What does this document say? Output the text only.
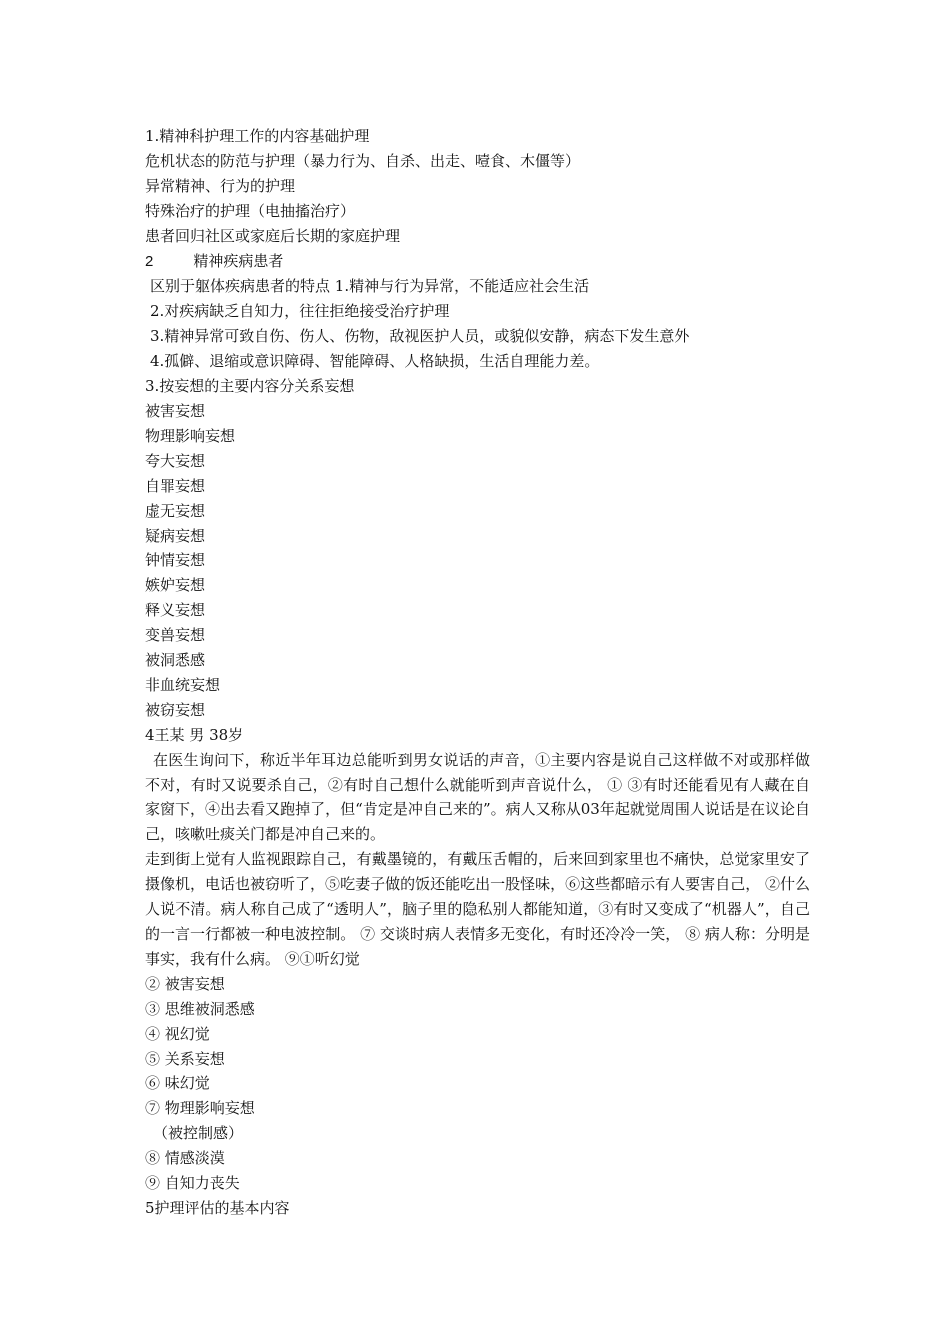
1.精神科护理工作的内容基础护理
危机状态的防范与护理（暴力行为、自杀、出走、噎食、木僵等）
异常精神、行为的护理
特殊治疗的护理（电抽搐治疗）
患者回归社区或家庭后长期的家庭护理
2	精神疾病患者
区别于躯体疾病患者的特点 1.精神与行为异常，不能适应社会生活
2.对疾病缺乏自知力，往往拒绝接受治疗护理
3.精神异常可致自伤、伤人、伤物，敌视医护人员，或貌似安静，病态下发生意外
4.孤僻、退缩或意识障碍、智能障碍、人格缺损，生活自理能力差。
3.按妄想的主要内容分关系妄想
被害妄想
物理影响妄想
夸大妄想
自罪妄想
虚无妄想
疑病妄想
钟情妄想
嫉妒妄想
释义妄想
变兽妄想
被洞悉感
非血统妄想
被窃妄想
4王某 男 38岁
在医生询问下，称近半年耳边总能听到男女说话的声音，①主要内容是说自己这样做不对或那样做不对，有时又说要杀自己，②有时自己想什么就能听到声音说什么， ① ③有时还能看见有人藏在自家窗下，④出去看又跑掉了，但“肯定是冲自己来的”。病人又称从03年起就觉周围人说话是在议论自己，咳嗽吐痰关门都是冲自己来的。
走到街上觉有人监视跟踪自己，有戴墨镜的，有戴压舌帽的，后来回到家里也不痛快，总觉家里安了摄像机，电话也被窃听了，⑤吃妻子做的饭还能吃出一股怪味，⑥这些都暗示有人要害自己， ②什么人说不清。病人称自己成了“透明人”，脑子里的隐私别人都能知道，③有时又变成了“机器人”，自己的一言一行都被一种电波控制。 ⑦ 交谈时病人表情多无变化，有时还冷冷一笑， ⑧ 病人称：分明是事实，我有什么病。 ⑨①听幻觉
② 被害妄想
③ 思维被洞悉感
④ 视幻觉
⑤ 关系妄想
⑥ 味幻觉
⑦ 物理影响妄想
（被控制感）
⑧ 情感淡漠
⑨ 自知力丧失
5护理评估的基本内容
